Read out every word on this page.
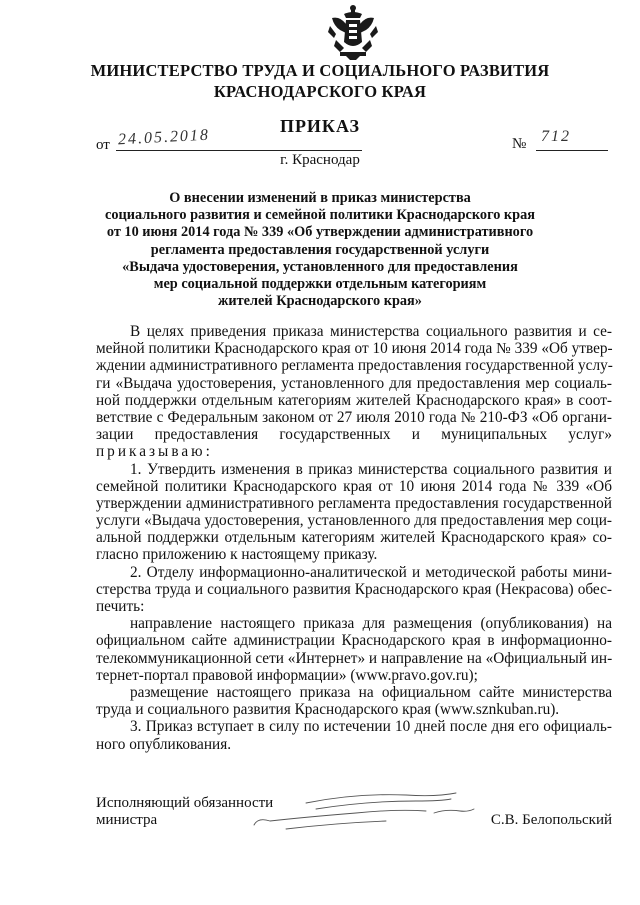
МИНИСТЕРСТВО ТРУДА И СОЦИАЛЬНОГО РАЗВИТИЯ
КРАСНОДАРСКОГО КРАЯ
ПРИКАЗ
от 24.05.2018	№ 712
г. Краснодар
О внесении изменений в приказ министерства
социального развития и семейной политики Краснодарского края
от 10 июня 2014 года № 339 «Об утверждении административного
регламента предоставления государственной услуги
«Выдача удостоверения, установленного для предоставления
мер социальной поддержки отдельным категориям
жителей Краснодарского края»
В целях приведения приказа министерства социального развития и се-
мейной политики Краснодарского края от 10 июня 2014 года № 339 «Об утвер-
ждении административного регламента предоставления государственной услу-
ги «Выдача удостоверения, установленного для предоставления мер социаль-
ной поддержки отдельным категориям жителей Краснодарского края» в соот-
ветствие с Федеральным законом от 27 июля 2010 года № 210-ФЗ «Об органи-
зации предоставления государственных и муниципальных услуг»
приказываю:
1. Утвердить изменения в приказ министерства социального развития и
семейной политики Краснодарского края от 10 июня 2014 года № 339 «Об
утверждении административного регламента предоставления государственной
услуги «Выдача удостоверения, установленного для предоставления мер соци-
альной поддержки отдельным категориям жителей Краснодарского края» со-
гласно приложению к настоящему приказу.
2. Отделу информационно-аналитической и методической работы мини-
стерства труда и социального развития Краснодарского края (Некрасова) обес-
печить:
направление настоящего приказа для размещения (опубликования) на
официальном сайте администрации Краснодарского края в информационно-
телекоммуникационной сети «Интернет» и направление на «Официальный ин-
тернет-портал правовой информации» (www.pravo.gov.ru);
размещение настоящего приказа на официальном сайте министерства
труда и социального развития Краснодарского края (www.sznkuban.ru).
3. Приказ вступает в силу по истечении 10 дней после дня его официаль-
ного опубликования.
Исполняющий обязанности
министра	С.В. Белопольский
